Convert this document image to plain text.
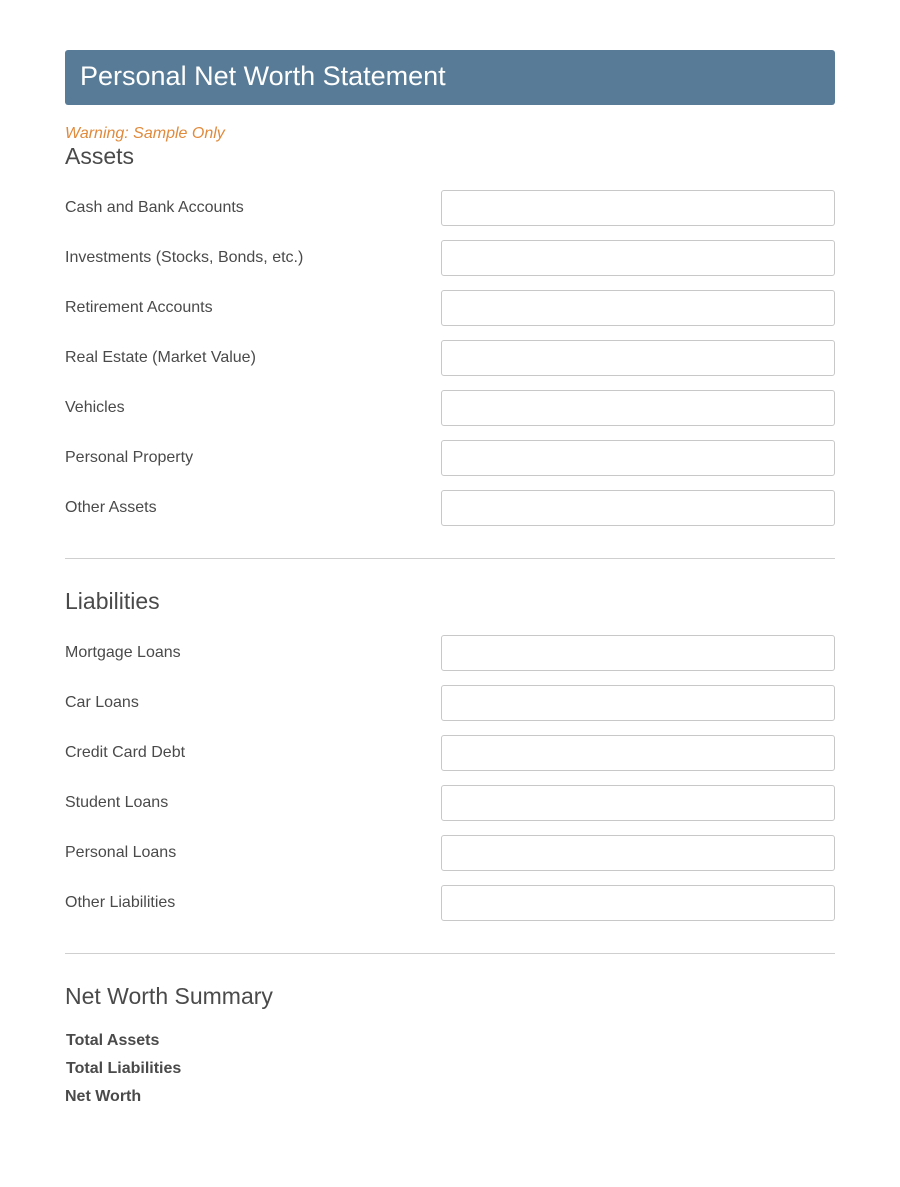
Personal Net Worth Statement
Warning: Sample Only
Assets
Cash and Bank Accounts
Investments (Stocks, Bonds, etc.)
Retirement Accounts
Real Estate (Market Value)
Vehicles
Personal Property
Other Assets
Liabilities
Mortgage Loans
Car Loans
Credit Card Debt
Student Loans
Personal Loans
Other Liabilities
Net Worth Summary
Total Assets
Total Liabilities
Net Worth
